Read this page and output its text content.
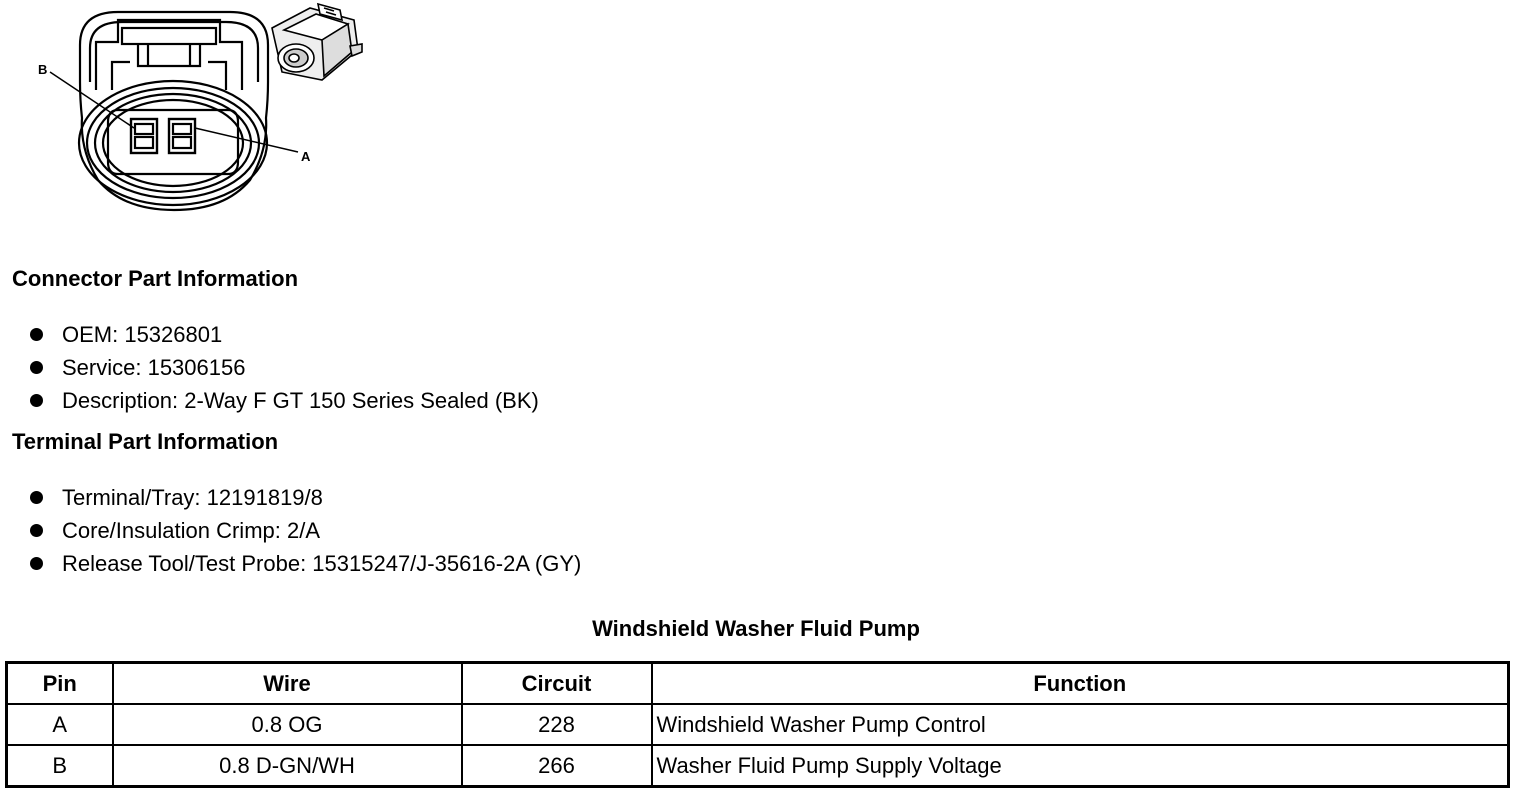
B
A
Connector Part Information
OEM: 15326801
Service: 15306156
Description: 2-Way F GT 150 Series Sealed (BK)
Terminal Part Information
Terminal/Tray: 12191819/8
Core/Insulation Crimp: 2/A
Release Tool/Test Probe: 15315247/J-35616-2A (GY)
Windshield Washer Fluid Pump
Pin	Wire	Circuit	Function
A	0.8 OG	228	Windshield Washer Pump Control
B	0.8 D-GN/WH	266	Washer Fluid Pump Supply Voltage
